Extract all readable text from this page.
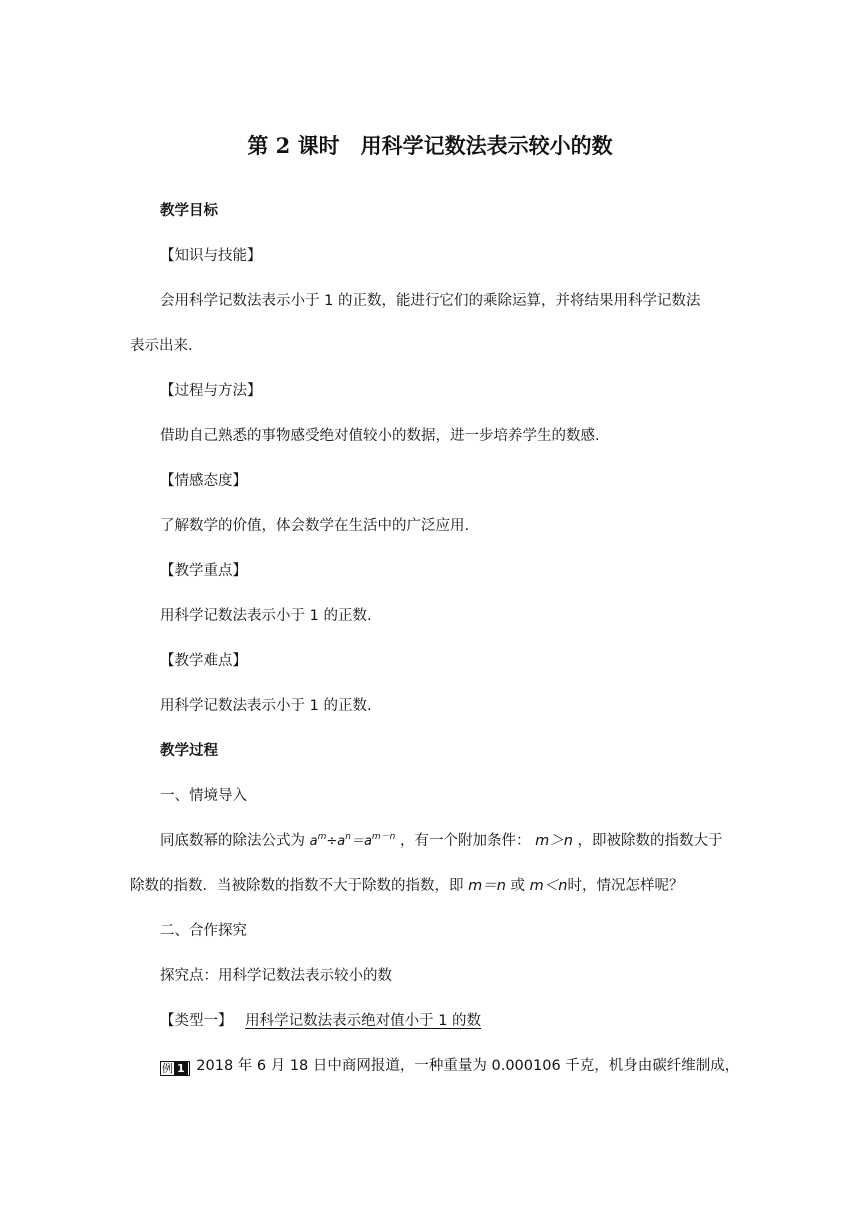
第 2 课时　用科学记数法表示较小的数
教学目标
【知识与技能】
会用科学记数法表示小于 1 的正数，能进行它们的乘除运算，并将结果用科学记数法
表示出来.
【过程与方法】
借助自己熟悉的事物感受绝对值较小的数据，进一步培养学生的数感.
【情感态度】
了解数学的价值，体会数学在生活中的广泛应用.
【教学重点】
用科学记数法表示小于 1 的正数.
【教学难点】
用科学记数法表示小于 1 的正数.
教学过程
一、情境导入
同底数幂的除法公式为 $a^m\div a^n=a^{m-n}$ ，有一个附加条件： m＞n ，即被除数的指数大于
除数的指数．当被除数的指数不大于除数的指数，即 m＝n 或 m＜n时，情况怎样呢？
二、合作探究
探究点：用科学记数法表示较小的数
【类型一】 用科学记数法表示绝对值小于 1 的数
例 1 2018 年 6 月 18 日中商网报道，一种重量为 0.000106 千克，机身由碳纤维制成，
